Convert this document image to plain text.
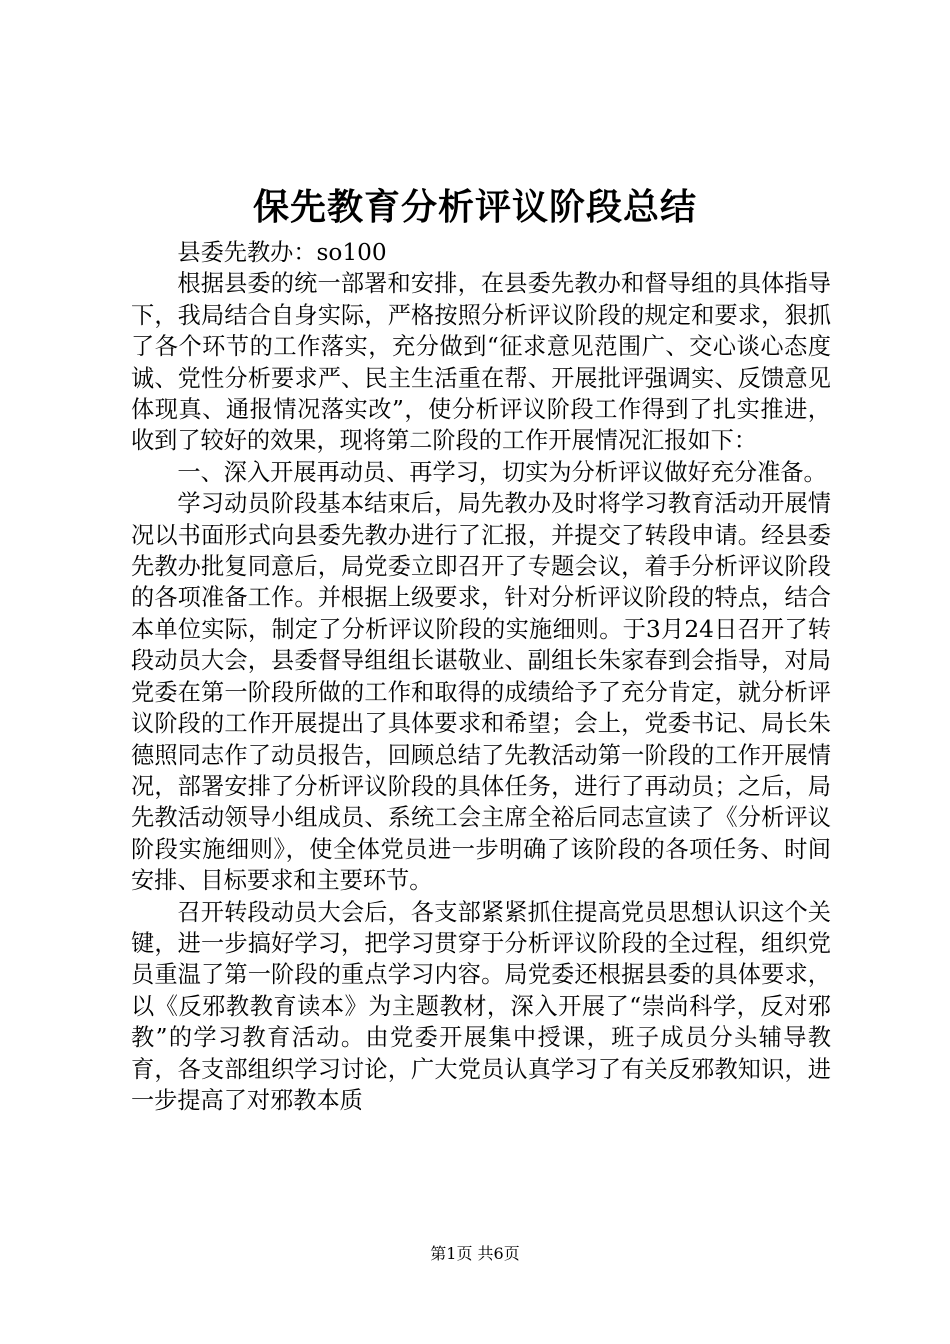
保先教育分析评议阶段总结

县委先教办：so100

根据县委的统一部署和安排，在县委先教办和督导组的具体指导下，我局结合自身实际，严格按照分析评议阶段的规定和要求，狠抓了各个环节的工作落实，充分做到“征求意见范围广、交心谈心态度诚、党性分析要求严、民主生活重在帮、开展批评强调实、反馈意见体现真、通报情况落实改”，使分析评议阶段工作得到了扎实推进，收到了较好的效果，现将第二阶段的工作开展情况汇报如下：

一、深入开展再动员、再学习，切实为分析评议做好充分准备。

学习动员阶段基本结束后，局先教办及时将学习教育活动开展情况以书面形式向县委先教办进行了汇报，并提交了转段申请。经县委先教办批复同意后，局党委立即召开了专题会议，着手分析评议阶段的各项准备工作。并根据上级要求，针对分析评议阶段的特点，结合本单位实际，制定了分析评议阶段的实施细则。于3月24日召开了转段动员大会，县委督导组组长谌敬业、副组长朱家春到会指导，对局党委在第一阶段所做的工作和取得的成绩给予了充分肯定，就分析评议阶段的工作开展提出了具体要求和希望；会上，党委书记、局长朱德照同志作了动员报告，回顾总结了先教活动第一阶段的工作开展情况，部署安排了分析评议阶段的具体任务，进行了再动员；之后，局先教活动领导小组成员、系统工会主席全裕后同志宣读了《分析评议阶段实施细则》，使全体党员进一步明确了该阶段的各项任务、时间安排、目标要求和主要环节。

召开转段动员大会后，各支部紧紧抓住提高党员思想认识这个关键，进一步搞好学习，把学习贯穿于分析评议阶段的全过程，组织党员重温了第一阶段的重点学习内容。局党委还根据县委的具体要求，以《反邪教教育读本》为主题教材，深入开展了“崇尚科学，反对邪教”的学习教育活动。由党委开展集中授课，班子成员分头辅导教育，各支部组织学习讨论，广大党员认真学习了有关反邪教知识，进一步提高了对邪教本质

第1页 共6页
